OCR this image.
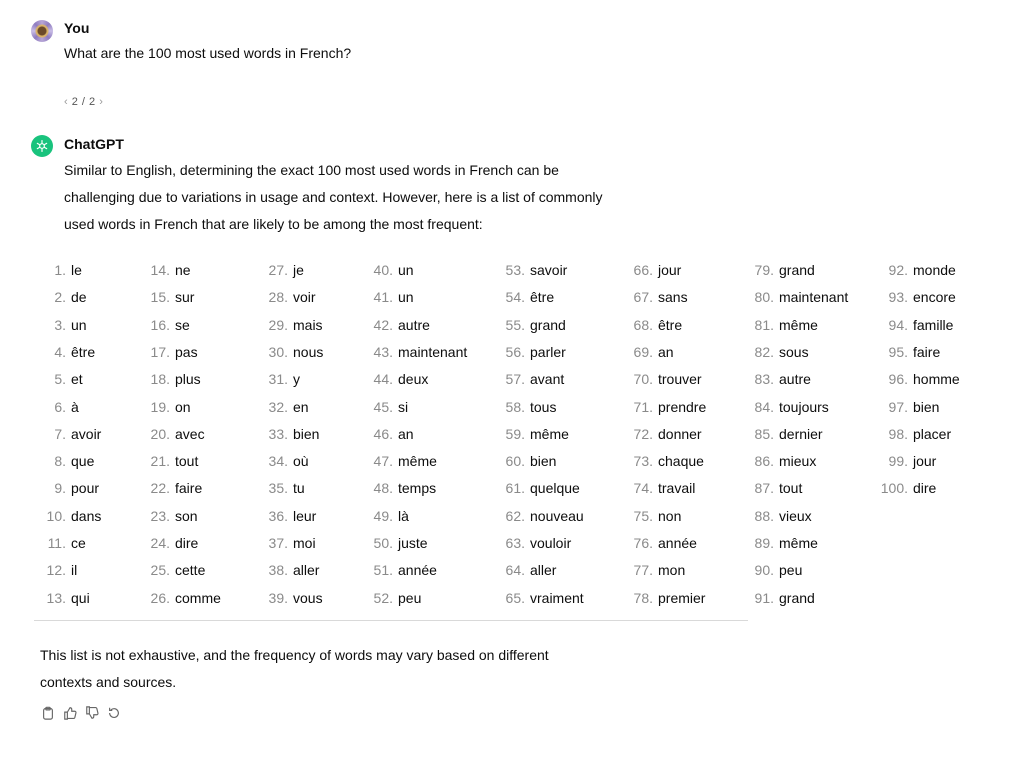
You
What are the 100 most used words in French?
‹ 2 / 2 ›
ChatGPT
Similar to English, determining the exact 100 most used words in French can be
challenging due to variations in usage and context. However, here is a list of commonly
used words in French that are likely to be among the most frequent:
1. le
2. de
3. un
4. être
5. et
6. à
7. avoir
8. que
9. pour
10. dans
11. ce
12. il
13. qui
14. ne
15. sur
16. se
17. pas
18. plus
19. on
20. avec
21. tout
22. faire
23. son
24. dire
25. cette
26. comme
27. je
28. voir
29. mais
30. nous
31. y
32. en
33. bien
34. où
35. tu
36. leur
37. moi
38. aller
39. vous
40. un
41. un
42. autre
43. maintenant
44. deux
45. si
46. an
47. même
48. temps
49. là
50. juste
51. année
52. peu
53. savoir
54. être
55. grand
56. parler
57. avant
58. tous
59. même
60. bien
61. quelque
62. nouveau
63. vouloir
64. aller
65. vraiment
66. jour
67. sans
68. être
69. an
70. trouver
71. prendre
72. donner
73. chaque
74. travail
75. non
76. année
77. mon
78. premier
79. grand
80. maintenant
81. même
82. sous
83. autre
84. toujours
85. dernier
86. mieux
87. tout
88. vieux
89. même
90. peu
91. grand
92. monde
93. encore
94. famille
95. faire
96. homme
97. bien
98. placer
99. jour
100. dire
This list is not exhaustive, and the frequency of words may vary based on different
contexts and sources.
